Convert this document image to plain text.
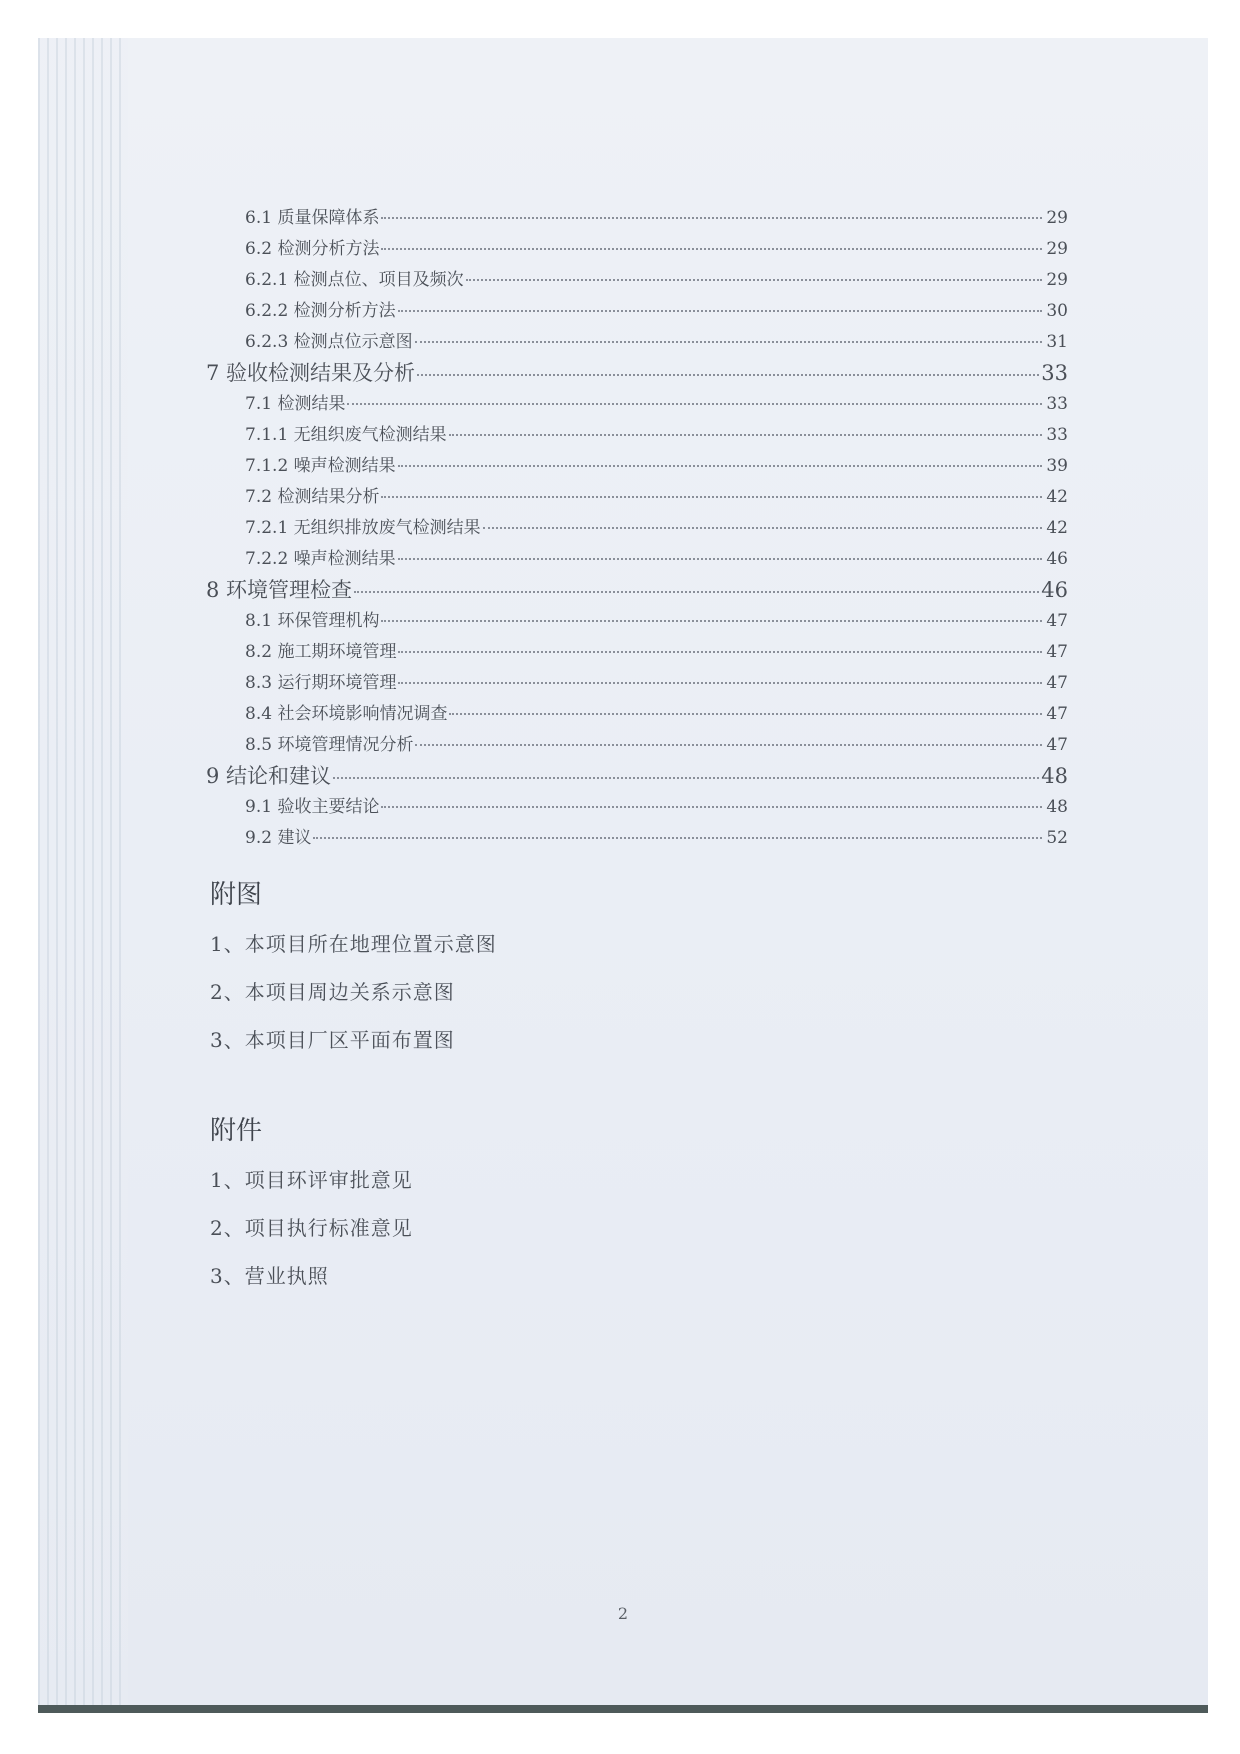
6.1 质量保障体系	29
6.2 检测分析方法	29
6.2.1 检测点位、项目及频次	29
6.2.2 检测分析方法	30
6.2.3 检测点位示意图	31
7 验收检测结果及分析	33
7.1 检测结果	33
7.1.1 无组织废气检测结果	33
7.1.2 噪声检测结果	39
7.2 检测结果分析	42
7.2.1 无组织排放废气检测结果	42
7.2.2 噪声检测结果	46
8 环境管理检查	46
8.1 环保管理机构	47
8.2 施工期环境管理	47
8.3 运行期环境管理	47
8.4 社会环境影响情况调查	47
8.5 环境管理情况分析	47
9 结论和建议	48
9.1 验收主要结论	48
9.2 建议	52
附图
1、本项目所在地理位置示意图
2、本项目周边关系示意图
3、本项目厂区平面布置图
附件
1、项目环评审批意见
2、项目执行标准意见
3、营业执照
2
